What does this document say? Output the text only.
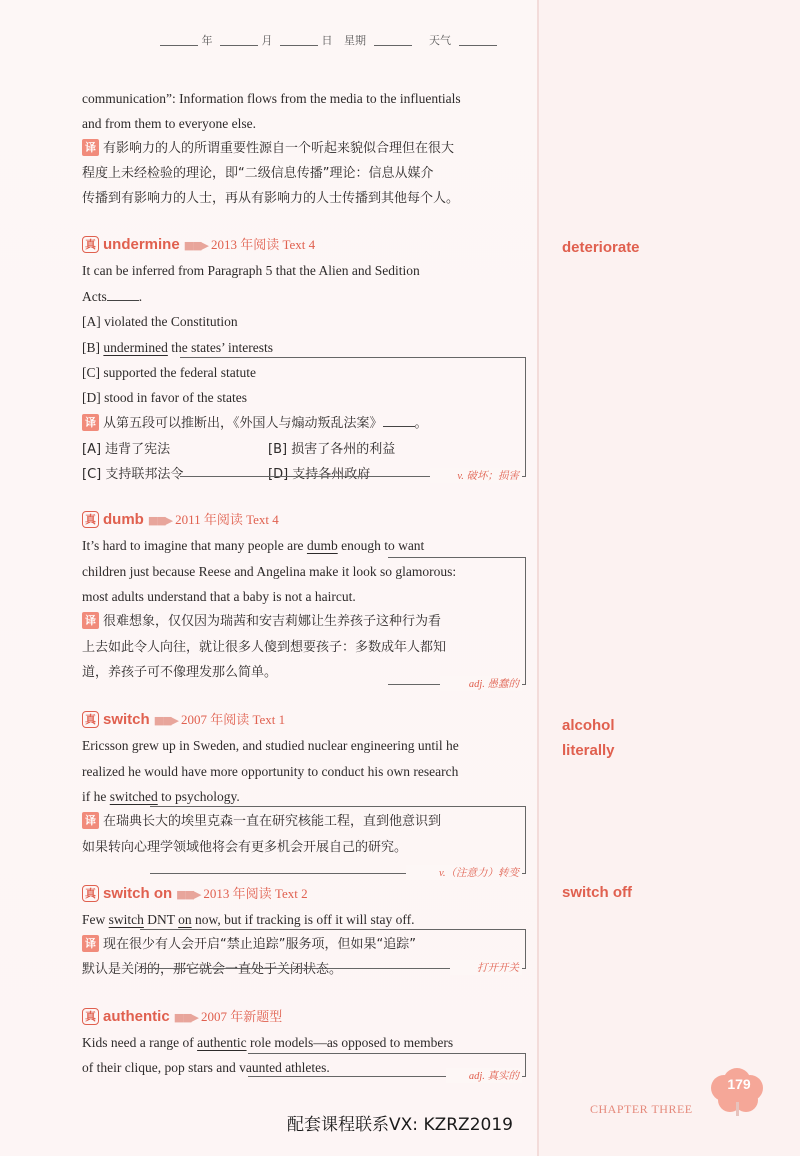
年	月	日 星期	天气
communication”: Information flows from the media to the influentials
and from them to everyone else.
译 有影响力的人的所谓重要性源自一个听起来貌似合理但在很大
程度上未经检验的理论，即“二级信息传播”理论：信息从媒介
传播到有影响力的人士，再从有影响力的人士传播到其他每个人。
真 undermine ■■▶ 2013 年阅读 Text 4
It can be inferred from Paragraph 5 that the Alien and Sedition
Acts .
[A] violated the Constitution
[B] undermined the states’ interests
[C] supported the federal statute
[D] stood in favor of the states
译 从第五段可以推断出，《外国人与煽动叛乱法案》 。
[A] 违背了宪法	[B] 损害了各州的利益
[C] 支持联邦法令	[D] 支持各州政府	v. 破坏；损害
deteriorate
真 dumb ■■▶ 2011 年阅读 Text 4
It’s hard to imagine that many people are dumb enough to want
children just because Reese and Angelina make it look so glamorous:
most adults understand that a baby is not a haircut.
译 很难想象，仅仅因为瑞茜和安吉莉娜让生养孩子这种行为看
上去如此令人向往，就让很多人傻到想要孩子：多数成年人都知
道，养孩子可不像理发那么简单。
adj. 愚蠢的
真 switch ■■▶ 2007 年阅读 Text 1
Ericsson grew up in Sweden, and studied nuclear engineering until he
realized he would have more opportunity to conduct his own research
if he switched to psychology.
译 在瑞典长大的埃里克森一直在研究核能工程，直到他意识到
如果转向心理学领域他将会有更多机会开展自己的研究。
v.（注意力）转变
alcohol
literally
真 switch on ■■▶ 2013 年阅读 Text 2
Few switch DNT on now, but if tracking is off it will stay off.
译 现在很少有人会开启“禁止追踪”服务项，但如果“追踪”
默认是关闭的，那它就会一直处于关闭状态。	打开开关
switch off
真 authentic ■■▶ 2007 年新题型
Kids need a range of authentic role models—as opposed to members
of their clique, pop stars and vaunted athletes.
adj. 真实的	179
CHAPTER THREE
配套课程联系VX: KZRZ2019
